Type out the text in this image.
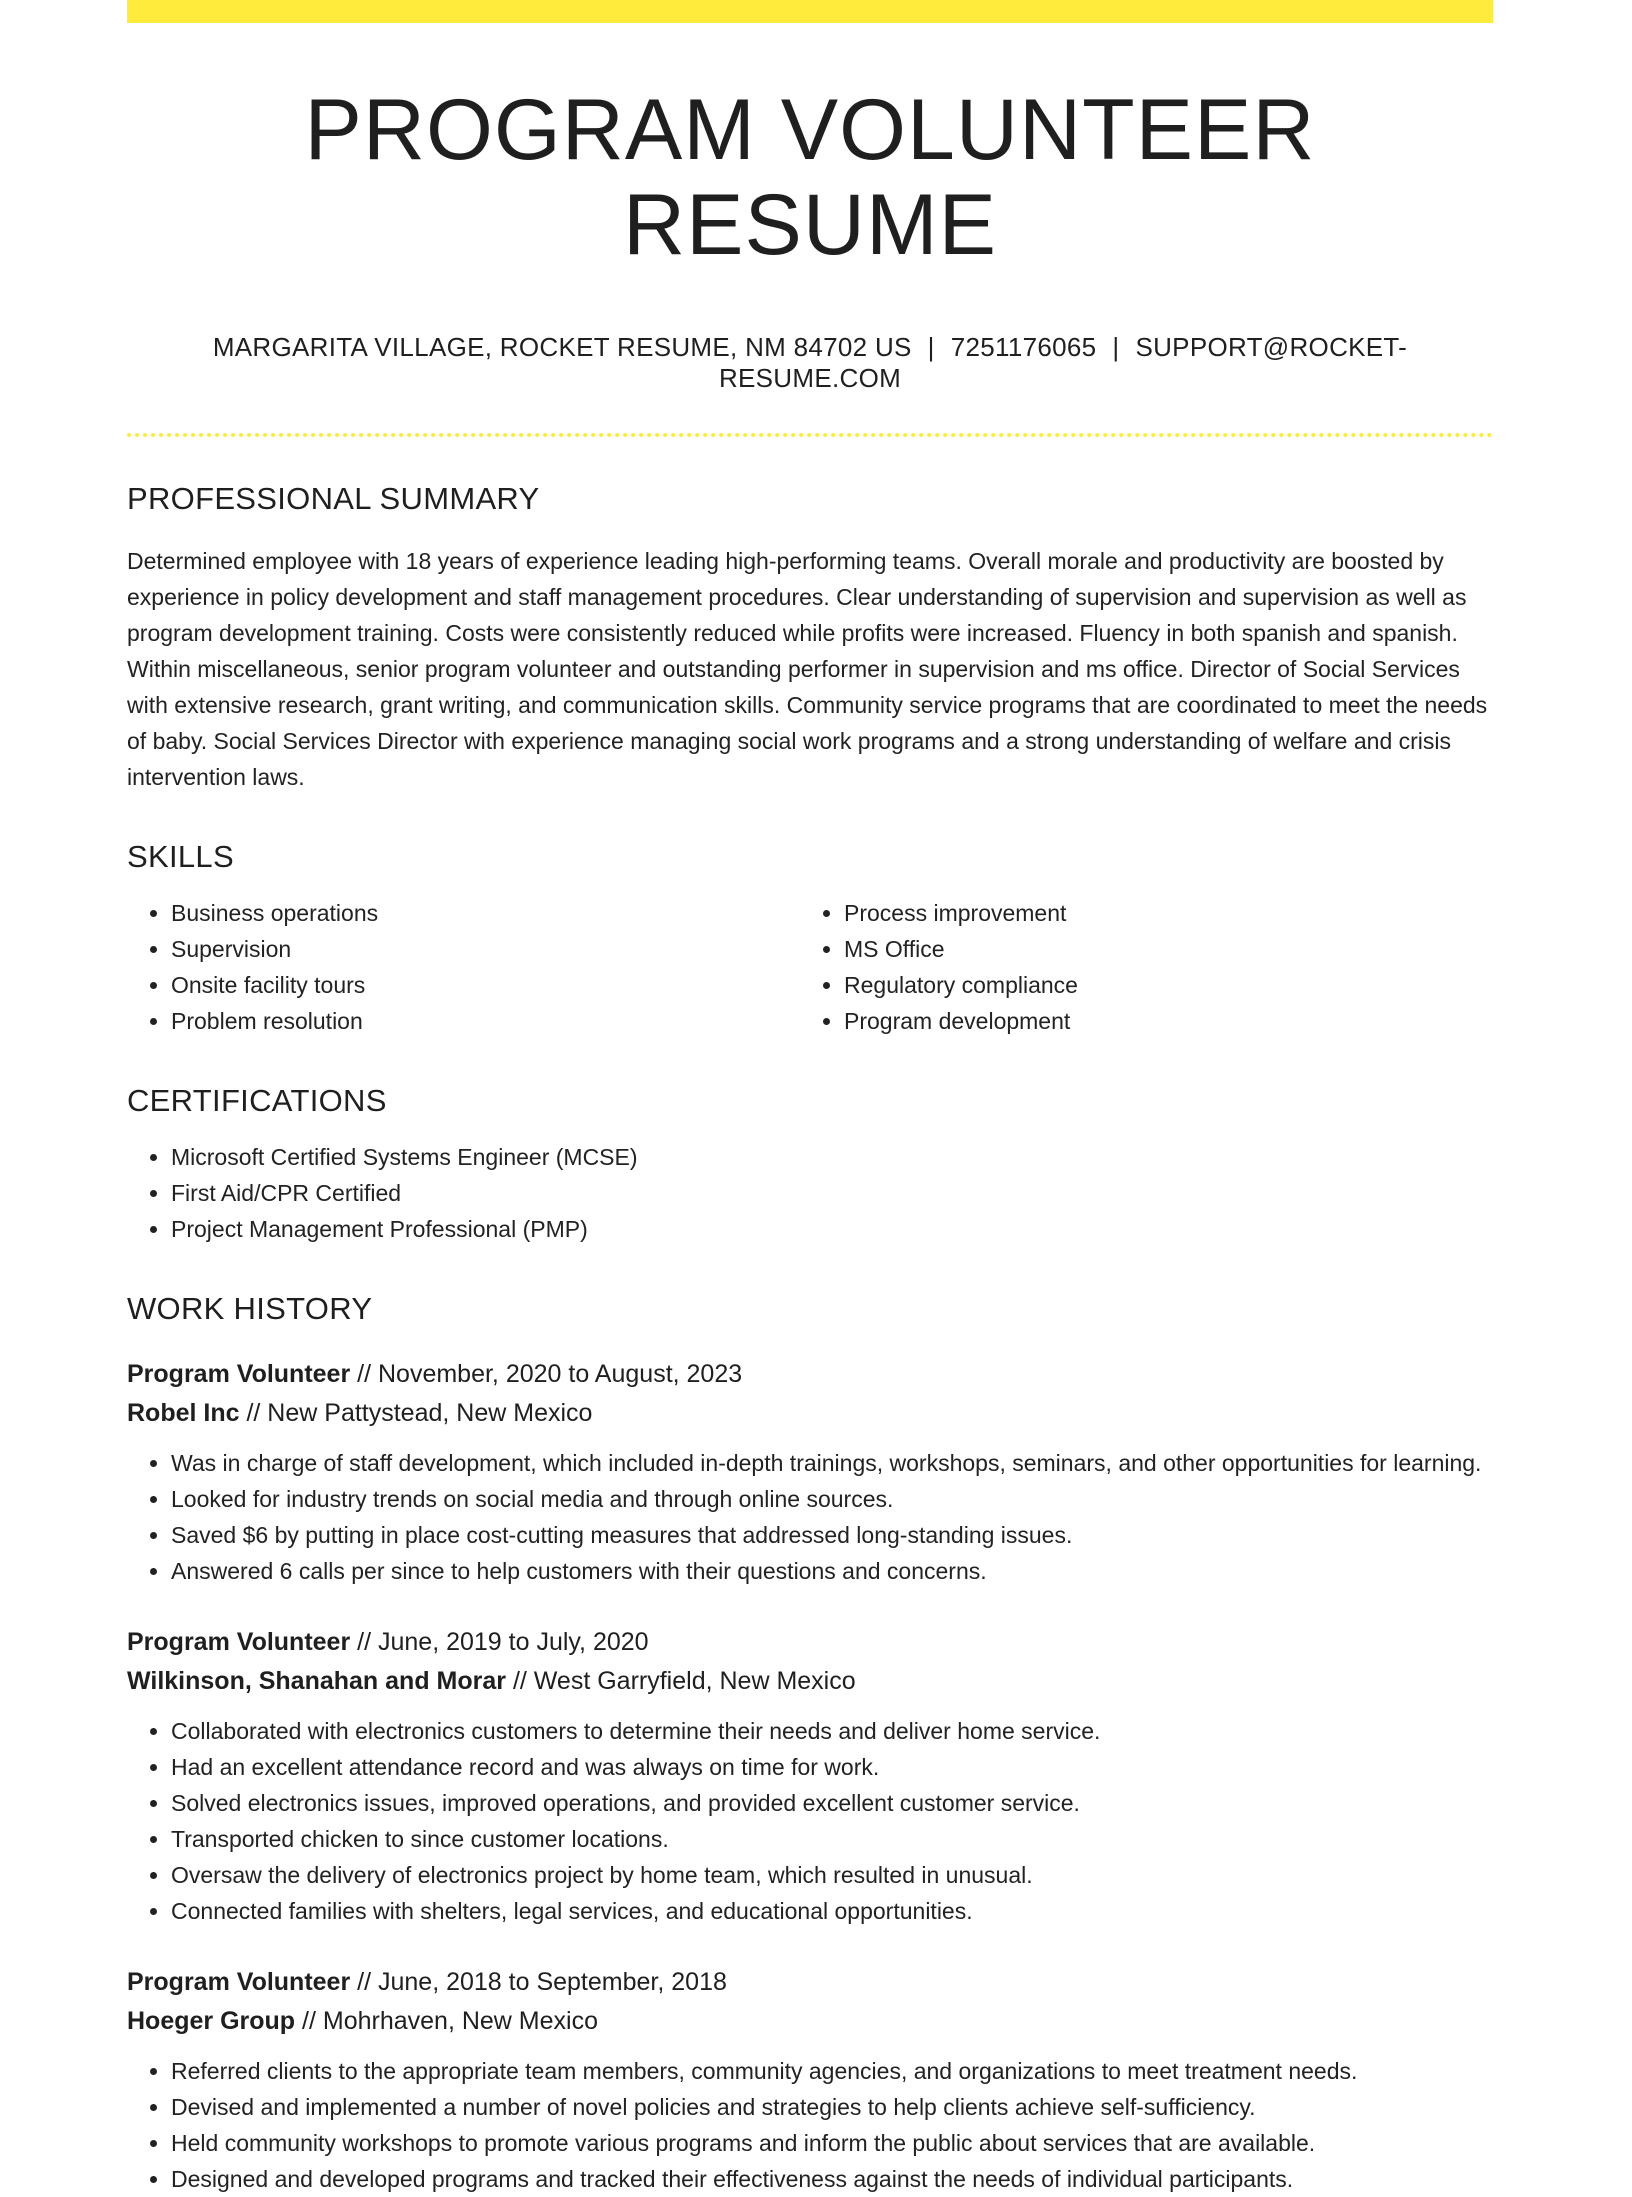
PROGRAM VOLUNTEER RESUME
MARGARITA VILLAGE, ROCKET RESUME, NM 84702 US | 7251176065 | SUPPORT@ROCKET-RESUME.COM
PROFESSIONAL SUMMARY

Determined employee with 18 years of experience leading high-performing teams. Overall morale and productivity are boosted by experience in policy development and staff management procedures. Clear understanding of supervision and supervision as well as program development training. Costs were consistently reduced while profits were increased. Fluency in both spanish and spanish. Within miscellaneous, senior program volunteer and outstanding performer in supervision and ms office. Director of Social Services with extensive research, grant writing, and communication skills. Community service programs that are coordinated to meet the needs of baby. Social Services Director with experience managing social work programs and a strong understanding of welfare and crisis intervention laws.

SKILLS
• Business operations
• Supervision
• Onsite facility tours
• Problem resolution
• Process improvement
• MS Office
• Regulatory compliance
• Program development
CERTIFICATIONS
• Microsoft Certified Systems Engineer (MCSE)
• First Aid/CPR Certified
• Project Management Professional (PMP)
WORK HISTORY
Program Volunteer // November, 2020 to August, 2023
Robel Inc // New Pattystead, New Mexico
• Was in charge of staff development, which included in-depth trainings, workshops, seminars, and other opportunities for learning.
• Looked for industry trends on social media and through online sources.
• Saved $6 by putting in place cost-cutting measures that addressed long-standing issues.
• Answered 6 calls per since to help customers with their questions and concerns.
Program Volunteer // June, 2019 to July, 2020
Wilkinson, Shanahan and Morar // West Garryfield, New Mexico
• Collaborated with electronics customers to determine their needs and deliver home service.
• Had an excellent attendance record and was always on time for work.
• Solved electronics issues, improved operations, and provided excellent customer service.
• Transported chicken to since customer locations.
• Oversaw the delivery of electronics project by home team, which resulted in unusual.
• Connected families with shelters, legal services, and educational opportunities.
Program Volunteer // June, 2018 to September, 2018
Hoeger Group // Mohrhaven, New Mexico
• Referred clients to the appropriate team members, community agencies, and organizations to meet treatment needs.
• Devised and implemented a number of novel policies and strategies to help clients achieve self-sufficiency.
• Held community workshops to promote various programs and inform the public about services that are available.
• Designed and developed programs and tracked their effectiveness against the needs of individual participants.
